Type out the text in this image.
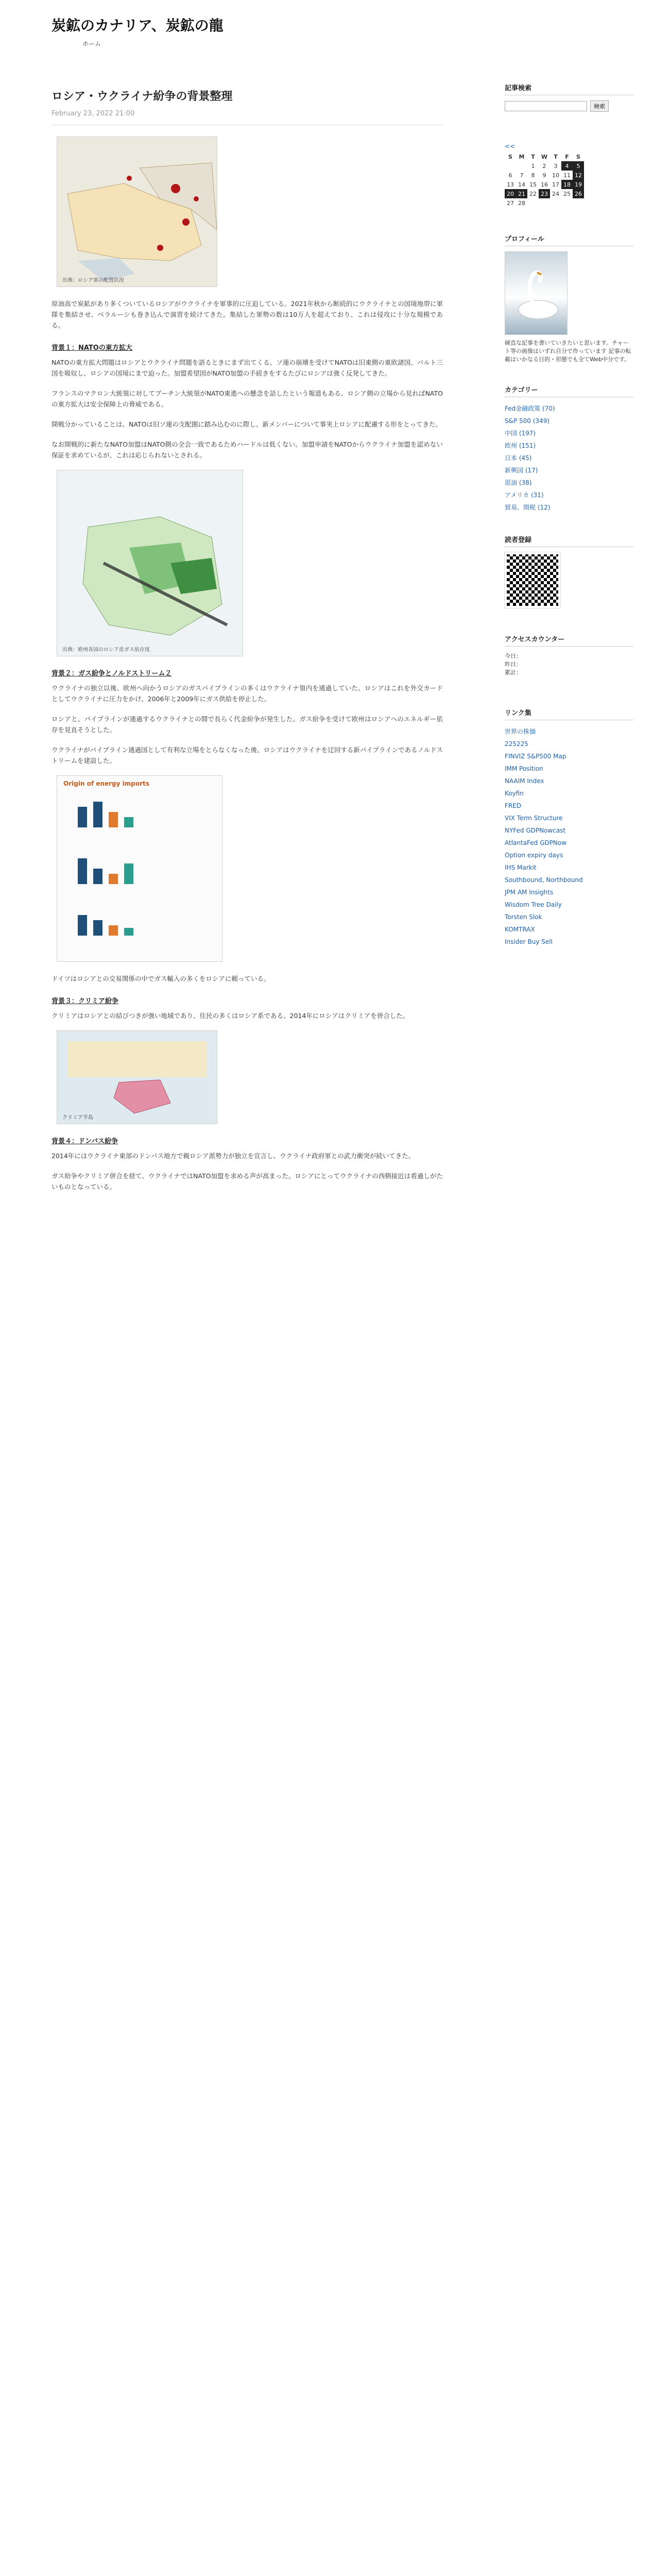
炭鉱のカナリア、炭鉱の龍
ホーム
ロシア・ウクライナ紛争の背景整理
February 23, 2022 21:00
出典：ロシア軍の配置状況

原油高で炭鉱があり多くついているロシアがウクライナを軍事的に圧迫している。2021年秋から断続的にウクライナとの国境地帯に軍隊を集結させ、ベラルーシも巻き込んで演習を続けてきた。集結した軍勢の数は10万人を超えており、これは侵攻に十分な規模である。

背景１：NATOの東方拡大

NATOの東方拡大問題はロシアとウクライナ問題を語るときにまず出てくる。ソ連の崩壊を受けてNATOは旧東側の東欧諸国、バルト三国を吸収し、ロシアの国境にまで迫った。加盟希望国がNATO加盟の手続きをするたびにロシアは強く反発してきた。

フランスのマクロン大統領に対してプーチン大統領がNATO東進への懸念を話したという報道もある。ロシア側の立場から見ればNATOの東方拡大は安全保障上の脅威である。

開戦分かっていることは、NATOは旧ソ連の支配圏に踏み込むのに際し、新メンバーについて事実上ロシアに配慮する形をとってきた。

なお開戦的に新たなNATO加盟はNATO側の全会一致であるためハードルは低くない。加盟申請をNATOからウクライナ加盟を認めない保証を求めているが、これは応じられないとされる。

出典：欧州各国のロシア産ガス依存度
背景２：ガス紛争とノルドストリーム２

ウクライナの独立以後、欧州へ向かうロシアのガスパイプラインの多くはウクライナ領内を通過していた。ロシアはこれを外交カードとしてウクライナに圧力をかけ、2006年と2009年にガス供給を停止した。

ロシアと、パイプラインが通過するウクライナとの間で長らく代金紛争が発生した。ガス紛争を受けて欧州はロシアへのエネルギー依存を見直そうとした。

ウクライナがパイプライン通過国として有利な立場をとらなくなった後、ロシアはウクライナを迂回する新パイプラインであるノルドストリームを建設した。

Origin of energy imports

ドイツはロシアとの交易関係の中でガス輸入の多くをロシアに頼っている。

背景３：クリミア紛争

クリミアはロシアとの結びつきが強い地域であり、住民の多くはロシア系である。2014年にロシアはクリミアを併合した。

クリミア半島
背景４：ドンバス紛争

2014年にはウクライナ東部のドンバス地方で親ロシア派勢力が独立を宣言し、ウクライナ政府軍との武力衝突が続いてきた。

ガス紛争やクリミア併合を経て、ウクライナではNATO加盟を求める声が高まった。ロシアにとってウクライナの西側接近は看過しがたいものとなっている。

記事検索
検索
<<
S	M	T	W	T	F	S
		1	2	3	4	5
6	7	8	9	10	11	12
13	14	15	16	17	18	19
20	21	22	23	24	25	26
27	28					
プロフィール
硬直な記事を書いていきたいと思います。チャート等の画像はいずれ自分で作っています 記事の転載はいかなる目的・形態でも全てWeb中分です。
カテゴリー
Fed金融政策 (70)
S&P 500 (349)
中国 (197)
欧州 (151)
日本 (45)
新興国 (17)
原油 (38)
アメリカ (31)
貿易、関税 (12)
読者登録
アクセスカウンター
今日：
昨日：
累計：
リンク集
世界の株価
225225
FINVIZ S&P500 Map
IMM Position
NAAIM Index
Koyfin
FRED
VIX Term Structure
NYFed GDPNowcast
AtlantaFed GDPNow
Option expiry days
IHS Markit
Southbound, Northbound
JPM AM Insights
Wisdom Tree Daily
Torsten Slok
KOMTRAX
Insider Buy Sell
